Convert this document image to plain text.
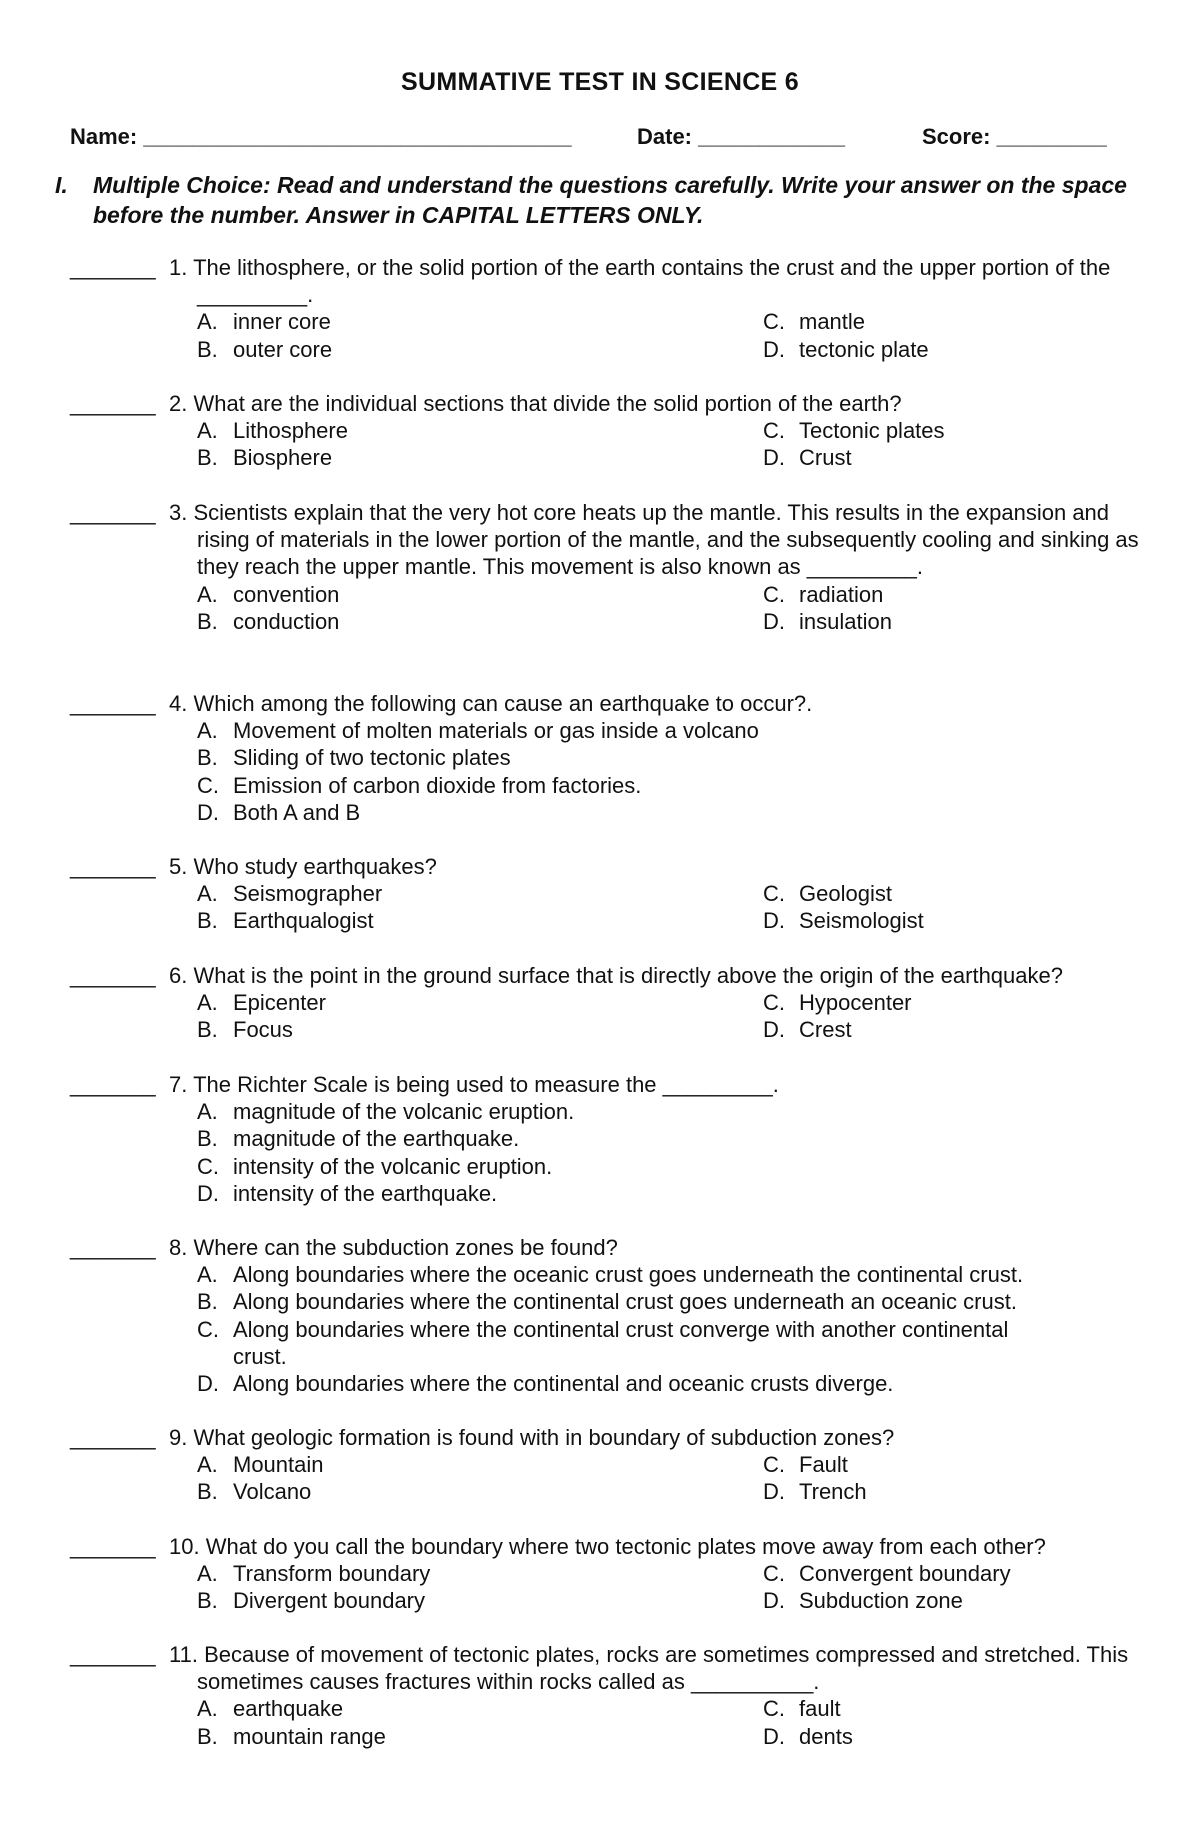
SUMMATIVE TEST IN SCIENCE 6
Name: ___________________________________	Date: ____________	Score: _________
I. Multiple Choice: Read and understand the questions carefully. Write your answer on the space before the number. Answer in CAPITAL LETTERS ONLY.
_______ 1. The lithosphere, or the solid portion of the earth contains the crust and the upper portion of the _________.
A. inner core	C. mantle
B. outer core	D. tectonic plate
_______ 2. What are the individual sections that divide the solid portion of the earth?
A. Lithosphere	C. Tectonic plates
B. Biosphere	D. Crust
_______ 3. Scientists explain that the very hot core heats up the mantle. This results in the expansion and rising of materials in the lower portion of the mantle, and the subsequently cooling and sinking as they reach the upper mantle. This movement is also known as _________.
A. convention	C. radiation
B. conduction	D. insulation
_______ 4. Which among the following can cause an earthquake to occur?.
A. Movement of molten materials or gas inside a volcano
B. Sliding of two tectonic plates
C. Emission of carbon dioxide from factories.
D. Both A and B
_______ 5. Who study earthquakes?
A. Seismographer	C. Geologist
B. Earthqualogist	D. Seismologist
_______ 6. What is the point in the ground surface that is directly above the origin of the earthquake?
A. Epicenter	C. Hypocenter
B. Focus	D. Crest
_______ 7. The Richter Scale is being used to measure the _________.
A. magnitude of the volcanic eruption.
B. magnitude of the earthquake.
C. intensity of the volcanic eruption.
D. intensity of the earthquake.
_______ 8. Where can the subduction zones be found?
A. Along boundaries where the oceanic crust goes underneath the continental crust.
B. Along boundaries where the continental crust goes underneath an oceanic crust.
C. Along boundaries where the continental crust converge with another continental crust.
D. Along boundaries where the continental and oceanic crusts diverge.
_______ 9. What geologic formation is found with in boundary of subduction zones?
A. Mountain	C. Fault
B. Volcano	D. Trench
_______ 10. What do you call the boundary where two tectonic plates move away from each other?
A. Transform boundary	C. Convergent boundary
B. Divergent boundary	D. Subduction zone
_______ 11. Because of movement of tectonic plates, rocks are sometimes compressed and stretched. This sometimes causes fractures within rocks called as __________.
A. earthquake	C. fault
B. mountain range	D. dents
